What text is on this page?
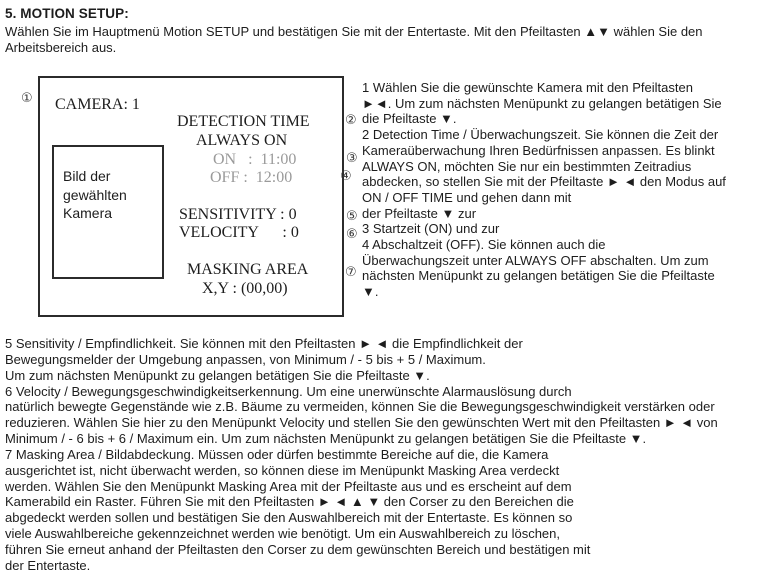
5. MOTION SETUP:
Wählen Sie im Hauptmenü Motion SETUP und bestätigen Sie mit der Entertaste. Mit den Pfeiltasten ▲▼ wählen Sie den
Arbeitsbereich aus.
CAMERA: 1
Bild der
gewählten
Kamera
DETECTION TIME
ALWAYS ON
ON   :  11:00
OFF :  12:00
SENSITIVITY : 0
VELOCITY      : 0
MASKING AREA
X,Y : (00,00)
①
②
③
④
⑤
⑥
⑦
1 Wählen Sie die gewünschte Kamera mit den Pfeiltasten
►◄. Um zum nächsten Menüpunkt zu gelangen betätigen Sie
die Pfeiltaste ▼.
2 Detection Time / Überwachungszeit. Sie können die Zeit der
Kameraüberwachung Ihren Bedürfnissen anpassen. Es blinkt
ALWAYS ON, möchten Sie nur ein bestimmten Zeitradius
abdecken, so stellen Sie mit der Pfeiltaste ► ◄ den Modus auf
ON / OFF TIME und gehen dann mit
der Pfeiltaste ▼ zur
3 Startzeit (ON) und zur
4 Abschaltzeit (OFF). Sie können auch die
Überwachungszeit unter ALWAYS OFF abschalten. Um zum
nächsten Menüpunkt zu gelangen betätigen Sie die Pfeiltaste
▼.
5 Sensitivity / Empfindlichkeit. Sie können mit den Pfeiltasten ► ◄ die Empfindlichkeit der
Bewegungsmelder der Umgebung anpassen, von Minimum / - 5 bis + 5 / Maximum.
Um zum nächsten Menüpunkt zu gelangen betätigen Sie die Pfeiltaste ▼.
6 Velocity / Bewegungsgeschwindigkeitserkennung. Um eine unerwünschte Alarmauslösung durch
natürlich bewegte Gegenstände wie z.B. Bäume zu vermeiden, können Sie die Bewegungsgeschwindigkeit verstärken oder
reduzieren. Wählen Sie hier zu den Menüpunkt Velocity und stellen Sie den gewünschten Wert mit den Pfeiltasten ► ◄ von
Minimum / - 6 bis + 6 / Maximum ein. Um zum nächsten Menüpunkt zu gelangen betätigen Sie die Pfeiltaste ▼.
7 Masking Area / Bildabdeckung. Müssen oder dürfen bestimmte Bereiche auf die, die Kamera
ausgerichtet ist, nicht überwacht werden, so können diese im Menüpunkt Masking Area verdeckt
werden. Wählen Sie den Menüpunkt Masking Area mit der Pfeiltaste aus und es erscheint auf dem
Kamerabild ein Raster. Führen Sie mit den Pfeiltasten ► ◄ ▲ ▼ den Corser zu den Bereichen die
abgedeckt werden sollen und bestätigen Sie den Auswahlbereich mit der Entertaste. Es können so
viele Auswahlbereiche gekennzeichnet werden wie benötigt. Um ein Auswahlbereich zu löschen,
führen Sie erneut anhand der Pfeiltasten den Corser zu dem gewünschten Bereich und bestätigen mit
der Entertaste.
